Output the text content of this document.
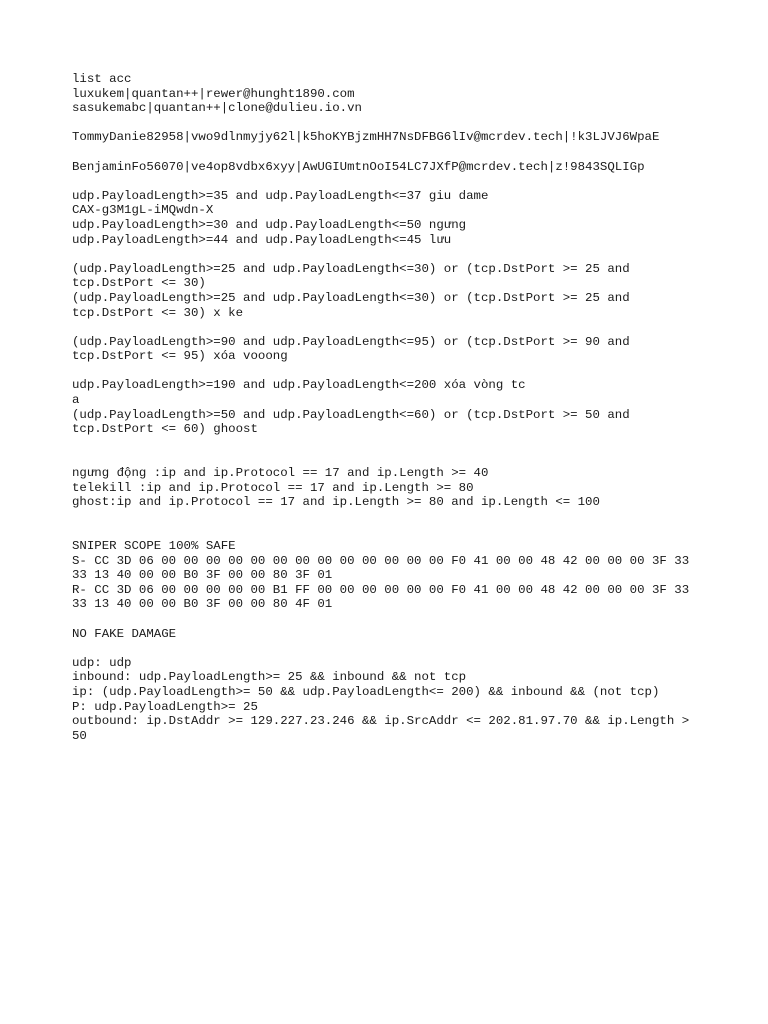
list acc
luxukem|quantan++|rewer@hunght1890.com
sasukemabc|quantan++|clone@dulieu.io.vn
TommyDanie82958|vwo9dlnmyjy62l|k5hoKYBjzmHH7NsDFBG6lIv@mcrdev.tech|!k3LJVJ6WpaE
BenjaminFo56070|ve4op8vdbx6xyy|AwUGIUmtnOoI54LC7JXfP@mcrdev.tech|z!9843SQLIGp
udp.PayloadLength>=35 and udp.PayloadLength<=37 giu dame
CAX-g3M1gL-iMQwdn-X
udp.PayloadLength>=30 and udp.PayloadLength<=50 ngưng
udp.PayloadLength>=44 and udp.PayloadLength<=45 lưu
(udp.PayloadLength>=25 and udp.PayloadLength<=30) or (tcp.DstPort >= 25 and
tcp.DstPort <= 30)
(udp.PayloadLength>=25 and udp.PayloadLength<=30) or (tcp.DstPort >= 25 and
tcp.DstPort <= 30) x ke
(udp.PayloadLength>=90 and udp.PayloadLength<=95) or (tcp.DstPort >= 90 and
tcp.DstPort <= 95) xóa vooong
udp.PayloadLength>=190 and udp.PayloadLength<=200 xóa vòng tc
a
(udp.PayloadLength>=50 and udp.PayloadLength<=60) or (tcp.DstPort >= 50 and
tcp.DstPort <= 60) ghoost
ngưng động :ip and ip.Protocol == 17 and ip.Length >= 40
telekill :ip and ip.Protocol == 17 and ip.Length >= 80
ghost:ip and ip.Protocol == 17 and ip.Length >= 80 and ip.Length <= 100
SNIPER SCOPE 100% SAFE
S- CC 3D 06 00 00 00 00 00 00 00 00 00 00 00 00 00 F0 41 00 00 48 42 00 00 00 3F 33
33 13 40 00 00 B0 3F 00 00 80 3F 01
R- CC 3D 06 00 00 00 00 00 B1 FF 00 00 00 00 00 00 F0 41 00 00 48 42 00 00 00 3F 33
33 13 40 00 00 B0 3F 00 00 80 4F 01
NO FAKE DAMAGE
udp: udp
inbound: udp.PayloadLength>= 25 && inbound && not tcp
ip: (udp.PayloadLength>= 50 && udp.PayloadLength<= 200) && inbound && (not tcp)
P: udp.PayloadLength>= 25
outbound: ip.DstAddr >= 129.227.23.246 && ip.SrcAddr <= 202.81.97.70 && ip.Length >
50
